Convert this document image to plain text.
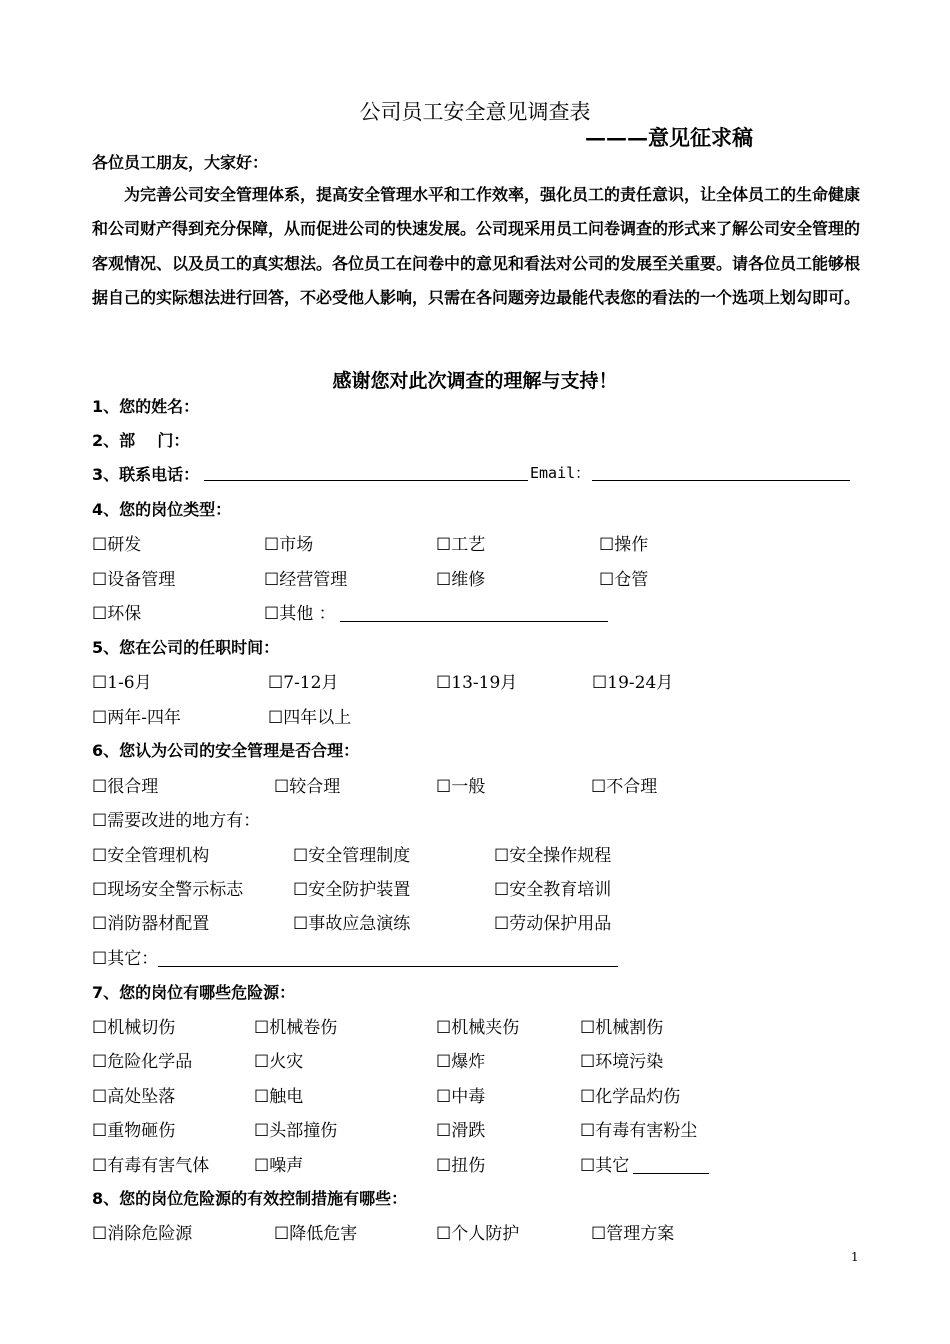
公司员工安全意见调查表
———意见征求稿
各位员工朋友，大家好：

为完善公司安全管理体系，提高安全管理水平和工作效率，强化员工的责任意识，让全体员工的生命健康和公司财产得到充分保障，从而促进公司的快速发展。公司现采用员工问卷调查的形式来了解公司安全管理的客观情况、以及员工的真实想法。各位员工在问卷中的意见和看法对公司的发展至关重要。请各位员工能够根据自己的实际想法进行回答，不必受他人影响，只需在各问题旁边最能代表您的看法的一个选项上划勾即可。

感谢您对此次调查的理解与支持！
1、您的姓名：
2、部    门：
3、联系电话：	Email：
4、您的岗位类型：
☐研发	☐市场	☐工艺	☐操作
☐设备管理	☐经营管理	☐维修	☐仓管
☐环保	☐其他 ：
5、您在公司的任职时间：
☐1-6月	☐7-12月	☐13-19月	☐19-24月
☐两年-四年	☐四年以上
6、您认为公司的安全管理是否合理：
☐很合理	☐较合理	☐一般	☐不合理
☐需要改进的地方有：
☐安全管理机构	☐安全管理制度	☐安全操作规程
☐现场安全警示标志	☐安全防护装置	☐安全教育培训
☐消防器材配置	☐事故应急演练	☐劳动保护用品
☐其它：
7、您的岗位有哪些危险源：
☐机械切伤	☐机械卷伤	☐机械夹伤	☐机械割伤
☐危险化学品	☐火灾	☐爆炸	☐环境污染
☐高处坠落	☐触电	☐中毒	☐化学品灼伤
☐重物砸伤	☐头部撞伤	☐滑跌	☐有毒有害粉尘
☐有毒有害气体	☐噪声	☐扭伤	☐其它
8、您的岗位危险源的有效控制措施有哪些：
☐消除危险源	☐降低危害	☐个人防护	☐管理方案
1
